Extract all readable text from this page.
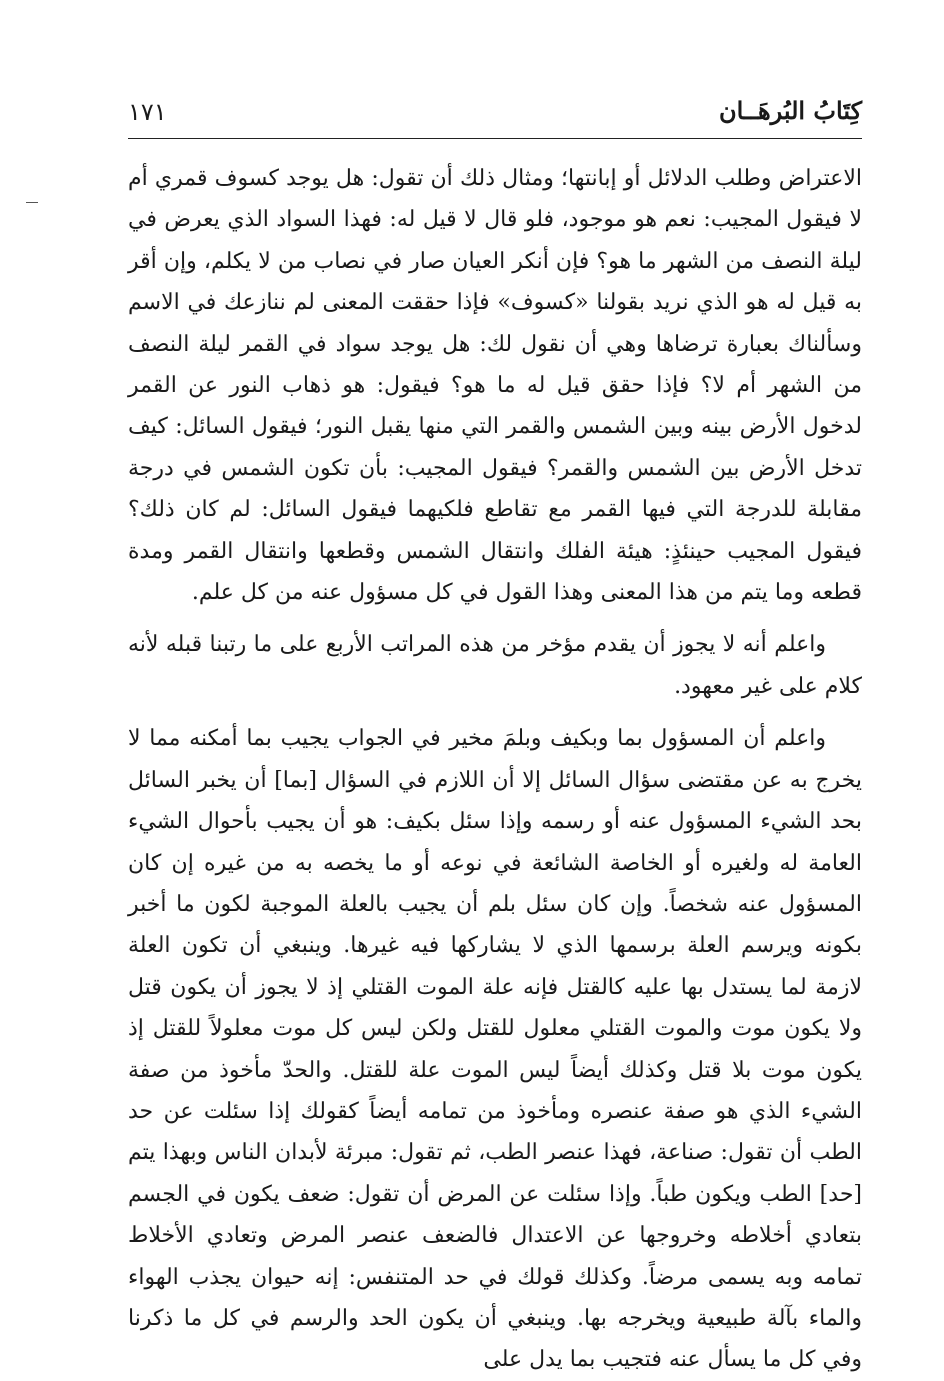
١٧١	كِتَابُ البُرهَــان

الاعتراض وطلب الدلائل أو إبانتها؛ ومثال ذلك أن تقول: هل يوجد كسوف قمري أم لا فيقول المجيب: نعم هو موجود، فلو قال لا قيل له: فهذا السواد الذي يعرض في ليلة النصف من الشهر ما هو؟ فإن أنكر العيان صار في نصاب من لا يكلم، وإن أقر به قيل له هو الذي نريد بقولنا «كسوف» فإذا حققت المعنى لم ننازعك في الاسم وسألناك بعبارة ترضاها وهي أن نقول لك: هل يوجد سواد في القمر ليلة النصف من الشهر أم لا؟ فإذا حقق قيل له ما هو؟ فيقول: هو ذهاب النور عن القمر لدخول الأرض بينه وبين الشمس والقمر التي منها يقبل النور؛ فيقول السائل: كيف تدخل الأرض بين الشمس والقمر؟ فيقول المجيب: بأن تكون الشمس في درجة مقابلة للدرجة التي فيها القمر مع تقاطع فلكيهما فيقول السائل: لم كان ذلك؟ فيقول المجيب حينئذٍ: هيئة الفلك وانتقال الشمس وقطعها وانتقال القمر ومدة قطعه وما يتم من هذا المعنى وهذا القول في كل مسؤول عنه من كل علم.

واعلم أنه لا يجوز أن يقدم مؤخر من هذه المراتب الأربع على ما رتبنا قبله لأنه كلام على غير معهود.

واعلم أن المسؤول بما وبكيف وبلمَ مخير في الجواب يجيب بما أمكنه مما لا يخرج به عن مقتضى سؤال السائل إلا أن اللازم في السؤال [بما] أن يخبر السائل بحد الشيء المسؤول عنه أو رسمه وإذا سئل بكيف: هو أن يجيب بأحوال الشيء العامة له ولغيره أو الخاصة الشائعة في نوعه أو ما يخصه به من غيره إن كان المسؤول عنه شخصاً. وإن كان سئل بلم أن يجيب بالعلة الموجبة لكون ما أخبر بكونه ويرسم العلة برسمها الذي لا يشاركها فيه غيرها. وينبغي أن تكون العلة لازمة لما يستدل بها عليه كالقتل فإنه علة الموت القتلي إذ لا يجوز أن يكون قتل ولا يكون موت والموت القتلي معلول للقتل ولكن ليس كل موت معلولاً للقتل إذ يكون موت بلا قتل وكذلك أيضاً ليس الموت علة للقتل. والحدّ مأخوذ من صفة الشيء الذي هو صفة عنصره ومأخوذ من تمامه أيضاً كقولك إذا سئلت عن حد الطب أن تقول: صناعة، فهذا عنصر الطب، ثم تقول: مبرئة لأبدان الناس وبهذا يتم [حد] الطب ويكون طباً. وإذا سئلت عن المرض أن تقول: ضعف يكون في الجسم بتعادي أخلاطه وخروجها عن الاعتدال فالضعف عنصر المرض وتعادي الأخلاط تمامه وبه يسمى مرضاً. وكذلك قولك في حد المتنفس: إنه حيوان يجذب الهواء والماء بآلة طبيعية ويخرجه بها. وينبغي أن يكون الحد والرسم في كل ما ذكرنا وفي كل ما يسأل عنه فتجيب بما يدل على
